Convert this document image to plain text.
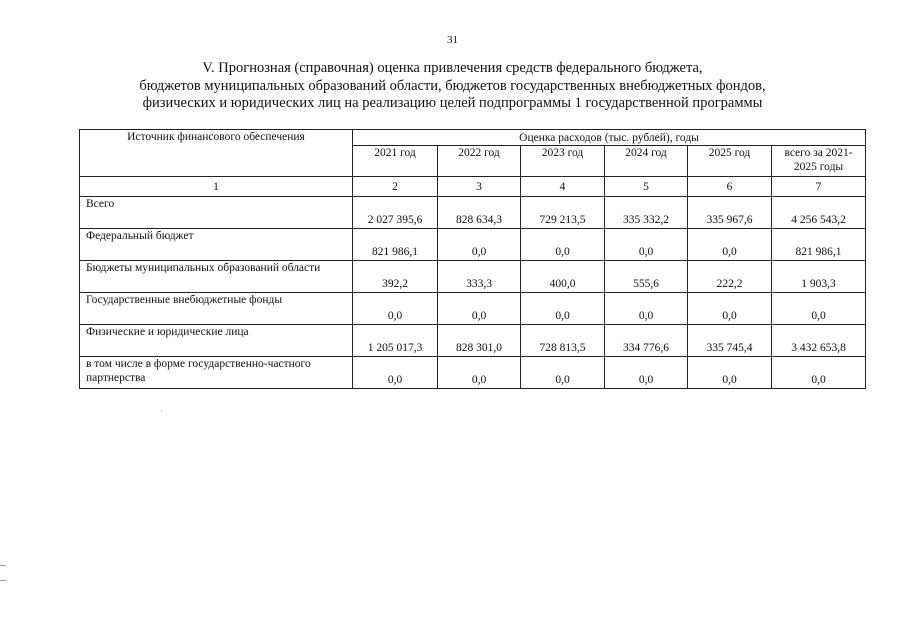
31
V. Прогнозная (справочная) оценка привлечения средств федерального бюджета,
бюджетов муниципальных образований области, бюджетов государственных внебюджетных фондов,
физических и юридических лиц на реализацию целей подпрограммы 1 государственной программы
Источник финансового обеспечения	Оценка расходов (тыс. рублей), годы					
	2021 год	2022 год	2023 год	2024 год	2025 год	всего за 2021-2025 годы
1	2	3	4	5	6	7
Всего	2 027 395,6	828 634,3	729 213,5	335 332,2	335 967,6	4 256 543,2
Федеральный бюджет	821 986,1	0,0	0,0	0,0	0,0	821 986,1
Бюджеты муниципальных образований области	392,2	333,3	400,0	555,6	222,2	1 903,3
Государственные внебюджетные фонды	0,0	0,0	0,0	0,0	0,0	0,0
Физические и юридические лица	1 205 017,3	828 301,0	728 813,5	334 776,6	335 745,4	3 432 653,8
в том числе в форме государственно-частного партнерства	0,0	0,0	0,0	0,0	0,0	0,0
·
